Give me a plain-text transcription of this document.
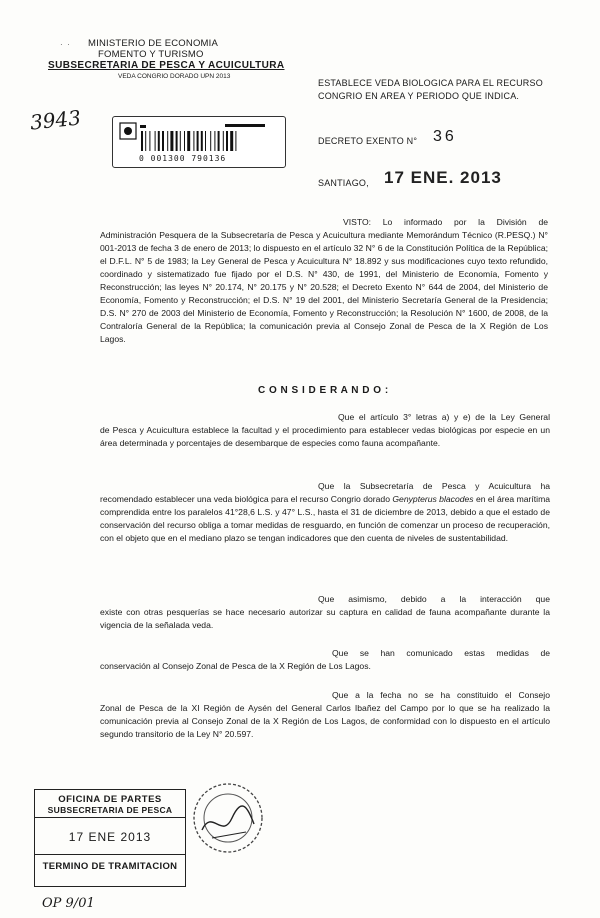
MINISTERIO DE ECONOMIA
·  ·
FOMENTO Y TURISMO
SUBSECRETARIA DE PESCA Y ACUICULTURA
VEDA CONGRIO DORADO UPN 2013
3943
0 001300 790136
ESTABLECE VEDA BIOLOGICA PARA EL RECURSO
CONGRIO EN AREA Y PERIODO QUE INDICA.
DECRETO EXENTO N° 36
SANTIAGO, 17 ENE. 2013
VISTO: Lo informado por la División de
Administración Pesquera de la Subsecretaría de Pesca y Acuicultura mediante Memorándum Técnico (R.PESQ.) N° 001-2013 de fecha 3 de enero de 2013; lo dispuesto en el artículo 32 N° 6 de la Constitución Política de la República; el D.F.L. N° 5 de 1983; la Ley General de Pesca y Acuicultura N° 18.892 y sus modificaciones cuyo texto refundido, coordinado y sistematizado fue fijado por el D.S. N° 430, de 1991, del Ministerio de Economía, Fomento y Reconstrucción; las leyes N° 20.174, N° 20.175 y N° 20.528; el Decreto Exento N° 644 de 2004, del Ministerio de Economía, Fomento y Reconstrucción; el D.S. N° 19 del 2001, del Ministerio Secretaría General de la Presidencia; D.S. N° 270 de 2003 del Ministerio de Economía, Fomento y Reconstrucción; la Resolución N° 1600, de 2008, de la Contraloría General de la República; la comunicación previa al Consejo Zonal de Pesca de la X Región de Los Lagos.
C O N S I D E R A N D O :
Que el artículo 3° letras a) y e) de la Ley General
de Pesca y Acuicultura establece la facultad y el procedimiento para establecer vedas biológicas por especie en un área determinada y porcentajes de desembarque de especies como fauna acompañante.
Que la Subsecretaría de Pesca y Acuicultura ha
recomendado establecer una veda biológica para el recurso Congrio dorado Genypterus blacodes en el área marítima comprendida entre los paralelos 41°28,6 L.S. y 47° L.S., hasta el 31 de diciembre de 2013, debido a que el estado de conservación del recurso obliga a tomar medidas de resguardo, en función de comenzar un proceso de recuperación, con el objeto que en el mediano plazo se tengan indicadores que den cuenta de niveles de sustentabilidad.
Que asimismo, debido a la interacción que
existe con otras pesquerías se hace necesario autorizar su captura en calidad de fauna acompañante durante la vigencia de la señalada veda.
Que se han comunicado estas medidas de
conservación al Consejo Zonal de Pesca de la X Región de Los Lagos.
Que a la fecha no se ha constituido el Consejo
Zonal de Pesca de la XI Región de Aysén del General Carlos Ibañez del Campo por lo que se ha realizado la comunicación previa al Consejo Zonal de la X Región de Los Lagos, de conformidad con lo dispuesto en el artículo segundo transitorio de la Ley N° 20.597.
OFICINA DE PARTES
SUBSECRETARIA DE PESCA
17 ENE 2013
TERMINO DE TRAMITACION
OP 9/01
